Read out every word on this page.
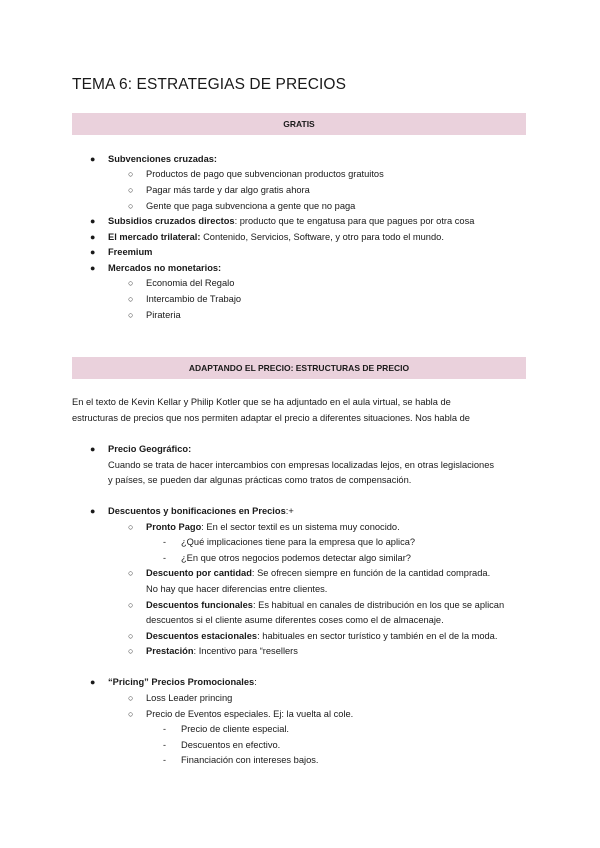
TEMA 6: ESTRATEGIAS DE PRECIOS
GRATIS
● Subvenciones cruzadas:
○ Productos de pago que subvencionan productos gratuitos
○ Pagar más tarde y dar algo gratis ahora
○ Gente que paga subvenciona a gente que no paga
● Subsidios cruzados directos: producto que te engatusa para que pagues por otra cosa
● El mercado trilateral: Contenido, Servicios, Software, y otro para todo el mundo.
● Freemium
● Mercados no monetarios:
○ Economia del Regalo
○ Intercambio de Trabajo
○ Pirateria
ADAPTANDO EL PRECIO: ESTRUCTURAS DE PRECIO
En el texto de Kevin Kellar y Philip Kotler que se ha adjuntado en el aula virtual, se habla de
estructuras de precios que nos permiten adaptar el precio a diferentes situaciones. Nos habla de
● Precio Geográfico:
Cuando se trata de hacer intercambios con empresas localizadas lejos, en otras legislaciones
y países, se pueden dar algunas prácticas como tratos de compensación.
● Descuentos y bonificaciones en Precios:+
○ Pronto Pago: En el sector textil es un sistema muy conocido.
- ¿Qué implicaciones tiene para la empresa que lo aplica?
- ¿En que otros negocios podemos detectar algo similar?
○ Descuento por cantidad: Se ofrecen siempre en función de la cantidad comprada.
No hay que hacer diferencias entre clientes.
○ Descuentos funcionales: Es habitual en canales de distribución en los que se aplican
descuentos si el cliente asume diferentes coses como el de almacenaje.
○ Descuentos estacionales: habituales en sector turístico y también en el de la moda.
○ Prestación: Incentivo para “resellers
● “Pricing” Precios Promocionales:
○ Loss Leader princing
○ Precio de Eventos especiales. Ej: la vuelta al cole.
- Precio de cliente especial.
- Descuentos en efectivo.
- Financiación con intereses bajos.
